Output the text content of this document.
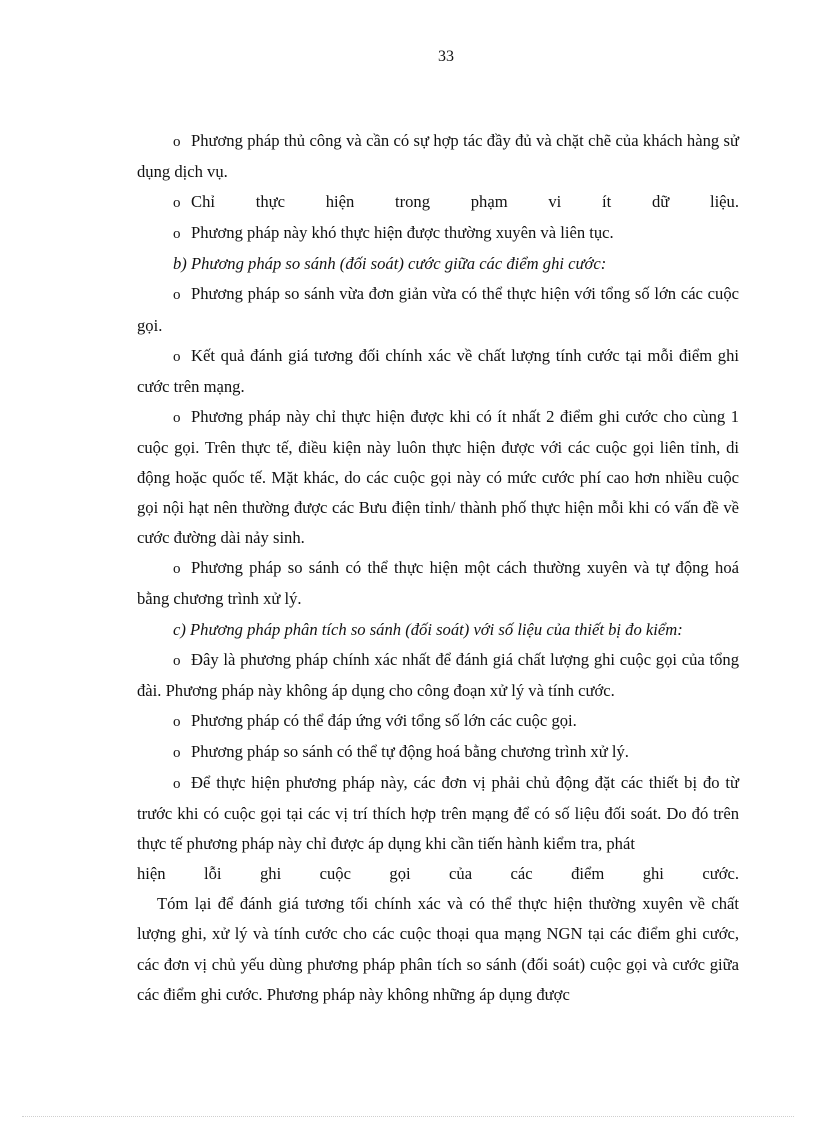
33

o Phương pháp thủ công và cần có sự hợp tác đầy đủ và chặt chẽ của khách hàng sử dụng dịch vụ.

o Chỉ thực hiện trong phạm vi ít dữ liệu.

o Phương pháp này khó thực hiện được thường xuyên và liên tục.

b) Phương pháp so sánh (đối soát) cước giữa các điểm ghi cước:

o Phương pháp so sánh vừa đơn giản vừa có thể thực hiện với tổng số lớn các cuộc gọi.

o Kết quả đánh giá tương đối chính xác về chất lượng tính cước tại mỗi điểm ghi cước trên mạng.

o Phương pháp này chỉ thực hiện được khi có ít nhất 2 điểm ghi cước cho cùng 1 cuộc gọi. Trên thực tế, điều kiện này luôn thực hiện được với các cuộc gọi liên tỉnh, di động hoặc quốc tế. Mặt khác, do các cuộc gọi này có mức cước phí cao hơn nhiều cuộc gọi nội hạt nên thường được các Bưu điện tỉnh/ thành phố thực hiện mỗi khi có vấn đề về cước đường dài nảy sinh.

o Phương pháp so sánh có thể thực hiện một cách thường xuyên và tự động hoá bằng chương trình xử lý.

c) Phương pháp phân tích so sánh (đối soát) với số liệu của thiết bị đo kiểm:

o Đây là phương pháp chính xác nhất để đánh giá chất lượng ghi cuộc gọi của tổng đài. Phương pháp này không áp dụng cho công đoạn xử lý và tính cước.

o Phương pháp có thể đáp ứng với tổng số lớn các cuộc gọi.

o Phương pháp so sánh có thể tự động hoá bằng chương trình xử lý.

o Để thực hiện phương pháp này, các đơn vị phải chủ động đặt các thiết bị đo từ trước khi có cuộc gọi tại các vị trí thích hợp trên mạng để có số liệu đối soát. Do đó trên thực tế phương pháp này chỉ được áp dụng khi cần tiến hành kiểm tra, phát

hiện lỗi ghi cuộc gọi của các điểm ghi cước.

Tóm lại để đánh giá tương tối chính xác và có thể thực hiện thường xuyên về chất lượng ghi, xử lý và tính cước cho các cuộc thoại qua mạng NGN tại các điểm ghi cước, các đơn vị chủ yếu dùng phương pháp phân tích so sánh (đối soát) cuộc gọi và cước giữa các điểm ghi cước. Phương pháp này không những áp dụng được
